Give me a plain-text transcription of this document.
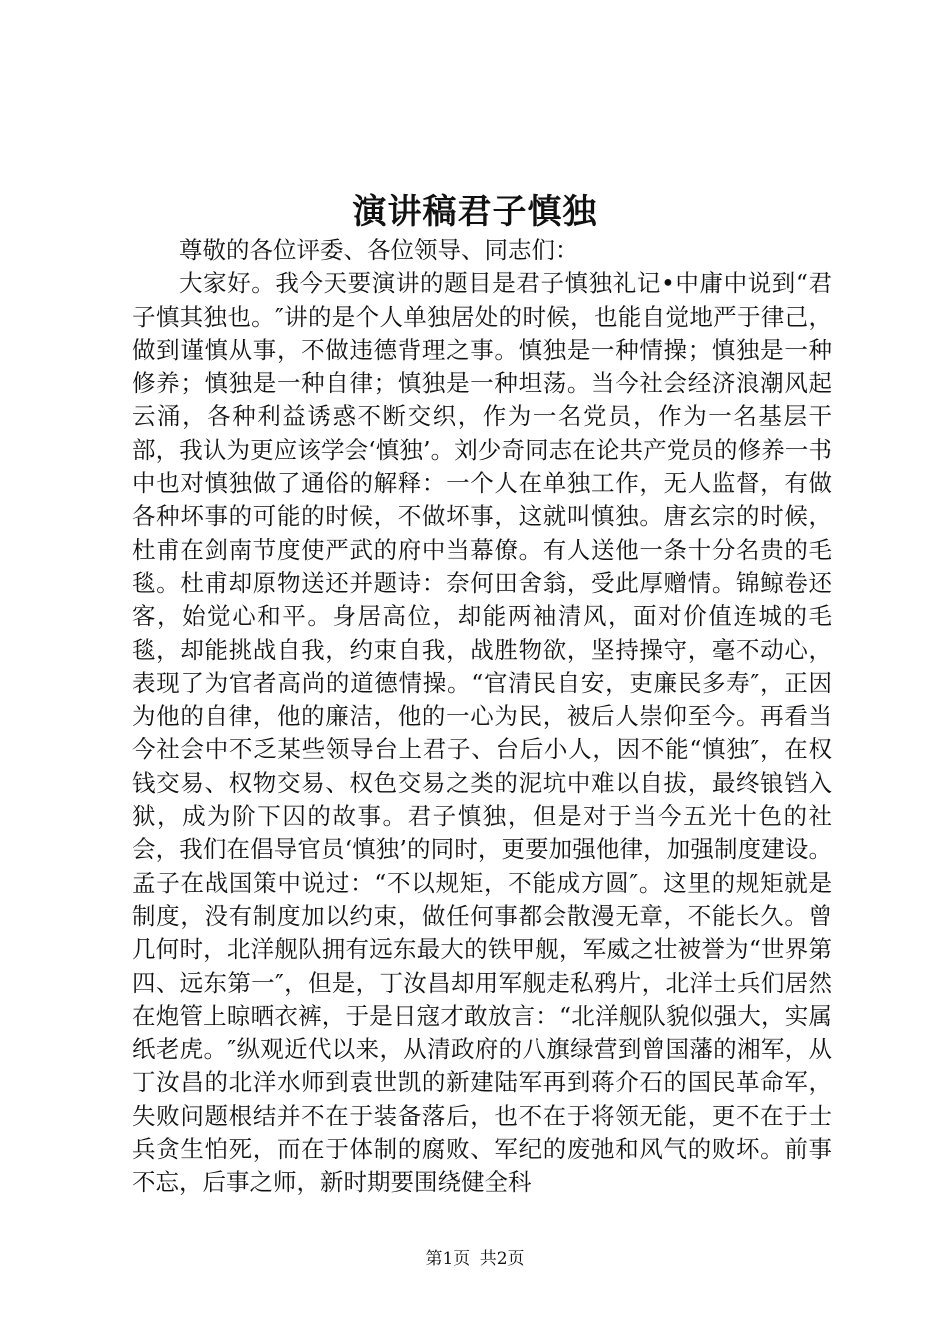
演讲稿君子慎独

尊敬的各位评委、各位领导、同志们：

大家好。我今天要演讲的题目是君子慎独礼记•中庸中说到“君子慎其独也。″讲的是个人单独居处的时候，也能自觉地严于律己，做到谨慎从事，不做违德背理之事。慎独是一种情操；慎独是一种修养；慎独是一种自律；慎独是一种坦荡。当今社会经济浪潮风起云涌，各种利益诱惑不断交织，作为一名党员，作为一名基层干部，我认为更应该学会‘慎独’。刘少奇同志在论共产党员的修养一书中也对慎独做了通俗的解释：一个人在单独工作，无人监督，有做各种坏事的可能的时候，不做坏事，这就叫慎独。唐玄宗的时候，杜甫在剑南节度使严武的府中当幕僚。有人送他一条十分名贵的毛毯。杜甫却原物送还并题诗：奈何田舍翁，受此厚赠情。锦鲸卷还客，始觉心和平。身居高位，却能两袖清风，面对价值连城的毛毯，却能挑战自我，约束自我，战胜物欲，坚持操守，毫不动心，表现了为官者高尚的道德情操。“官清民自安，吏廉民多寿″，正因为他的自律，他的廉洁，他的一心为民，被后人崇仰至今。再看当今社会中不乏某些领导台上君子、台后小人，因不能“慎独″，在权钱交易、权物交易、权色交易之类的泥坑中难以自拔，最终锒铛入狱，成为阶下囚的故事。君子慎独，但是对于当今五光十色的社会，我们在倡导官员‘慎独’的同时，更要加强他律，加强制度建设。孟子在战国策中说过：“不以规矩，不能成方圆″。这里的规矩就是制度，没有制度加以约束，做任何事都会散漫无章，不能长久。曾几何时，北洋舰队拥有远东最大的铁甲舰，军威之壮被誉为“世界第四、远东第一″，但是，丁汝昌却用军舰走私鸦片，北洋士兵们居然在炮管上晾晒衣裤，于是日寇才敢放言：“北洋舰队貌似强大，实属纸老虎。″纵观近代以来，从清政府的八旗绿营到曾国藩的湘军，从丁汝昌的北洋水师到袁世凯的新建陆军再到蒋介石的国民革命军，失败问题根结并不在于装备落后，也不在于将领无能，更不在于士兵贪生怕死，而在于体制的腐败、军纪的废弛和风气的败坏。前事不忘，后事之师，新时期要围绕健全科

第1页 共2页
